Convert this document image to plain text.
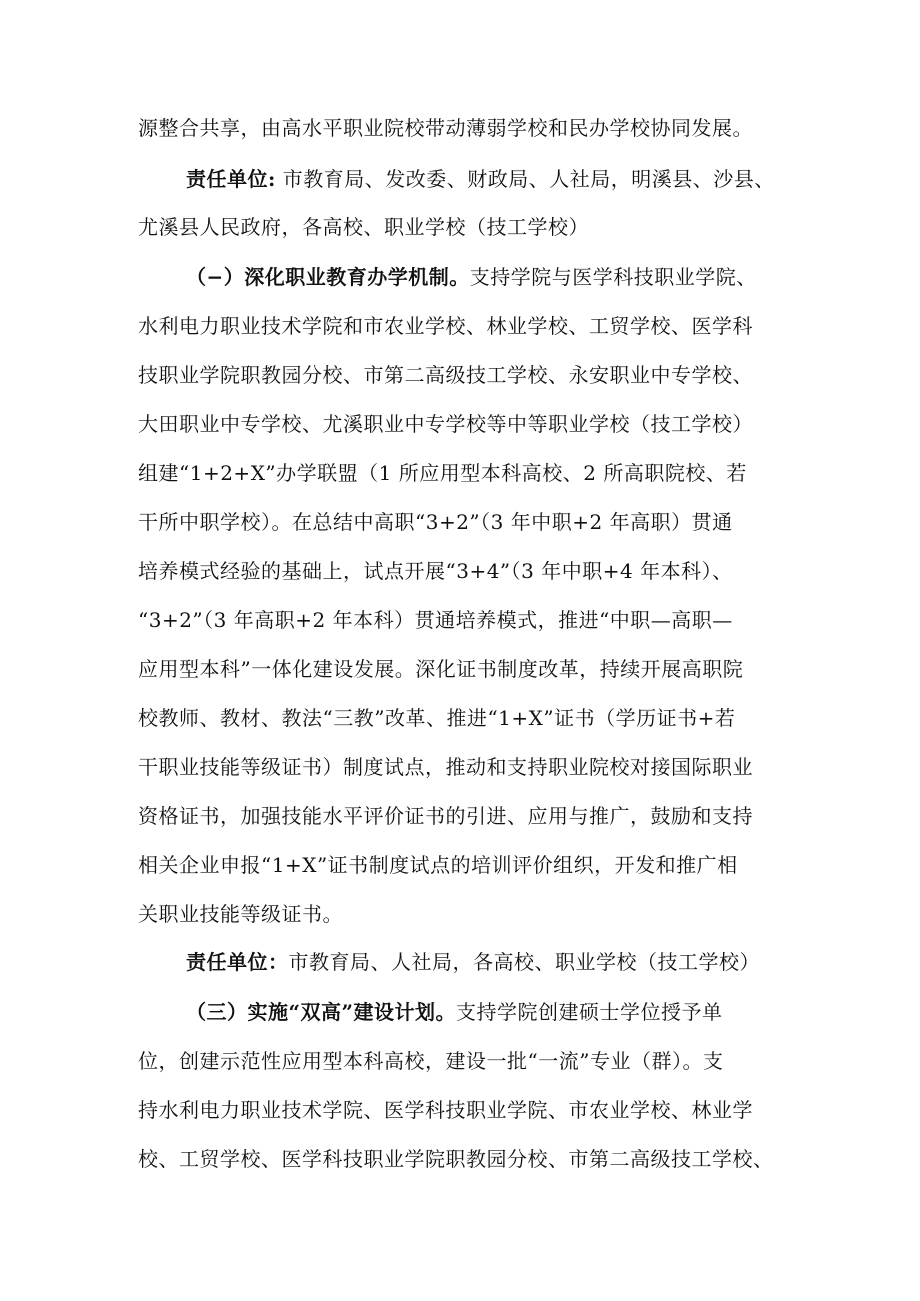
源整合共享，由高水平职业院校带动薄弱学校和民办学校协同发展。
责任单位: 市教育局、发改委、财政局、人社局，明溪县、沙县、
尤溪县人民政府，各高校、职业学校（技工学校）
（−）深化职业教育办学机制。支持学院与医学科技职业学院、
水利电力职业技术学院和市农业学校、林业学校、工贸学校、医学科
技职业学院职教园分校、市第二高级技工学校、永安职业中专学校、
大田职业中专学校、尤溪职业中专学校等中等职业学校（技工学校）
组建“1+2+X”办学联盟（1 所应用型本科高校、2 所高职院校、若
干所中职学校）。在总结中高职“3+2”（3 年中职+2 年高职）贯通
培养模式经验的基础上，试点开展“3+4”（3 年中职+4 年本科）、
“3+2”（3 年高职+2 年本科）贯通培养模式，推进“中职—高职—
应用型本科”一体化建设发展。深化证书制度改革，持续开展高职院
校教师、教材、教法“三教”改革、推进“1+X”证书（学历证书+若
干职业技能等级证书）制度试点，推动和支持职业院校对接国际职业
资格证书，加强技能水平评价证书的引进、应用与推广，鼓励和支持
相关企业申报“1+X”证书制度试点的培训评价组织，开发和推广相
关职业技能等级证书。
责任单位：市教育局、人社局，各高校、职业学校（技工学校）
（三）实施“双高”建设计划。支持学院创建硕士学位授予单
位，创建示范性应用型本科高校，建设一批“一流”专业（群）。支
持水利电力职业技术学院、医学科技职业学院、市农业学校、林业学
校、工贸学校、医学科技职业学院职教园分校、市第二高级技工学校、
